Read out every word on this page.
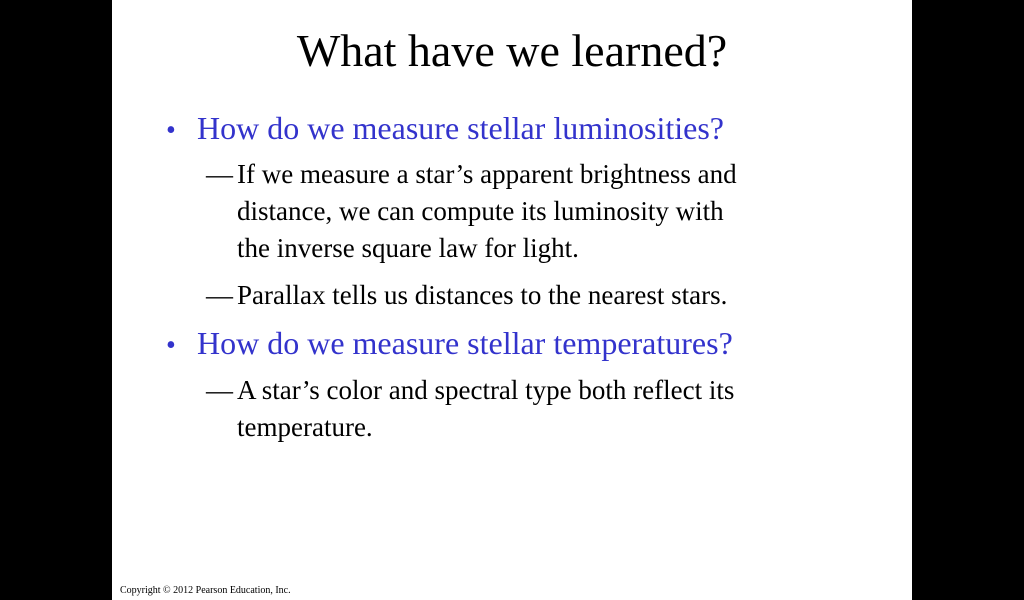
What have we learned?
• How do we measure stellar luminosities?
— If we measure a star’s apparent brightness and
distance, we can compute its luminosity with
the inverse square law for light.
— Parallax tells us distances to the nearest stars.
• How do we measure stellar temperatures?
— A star’s color and spectral type both reflect its
temperature.
Copyright © 2012 Pearson Education, Inc.
